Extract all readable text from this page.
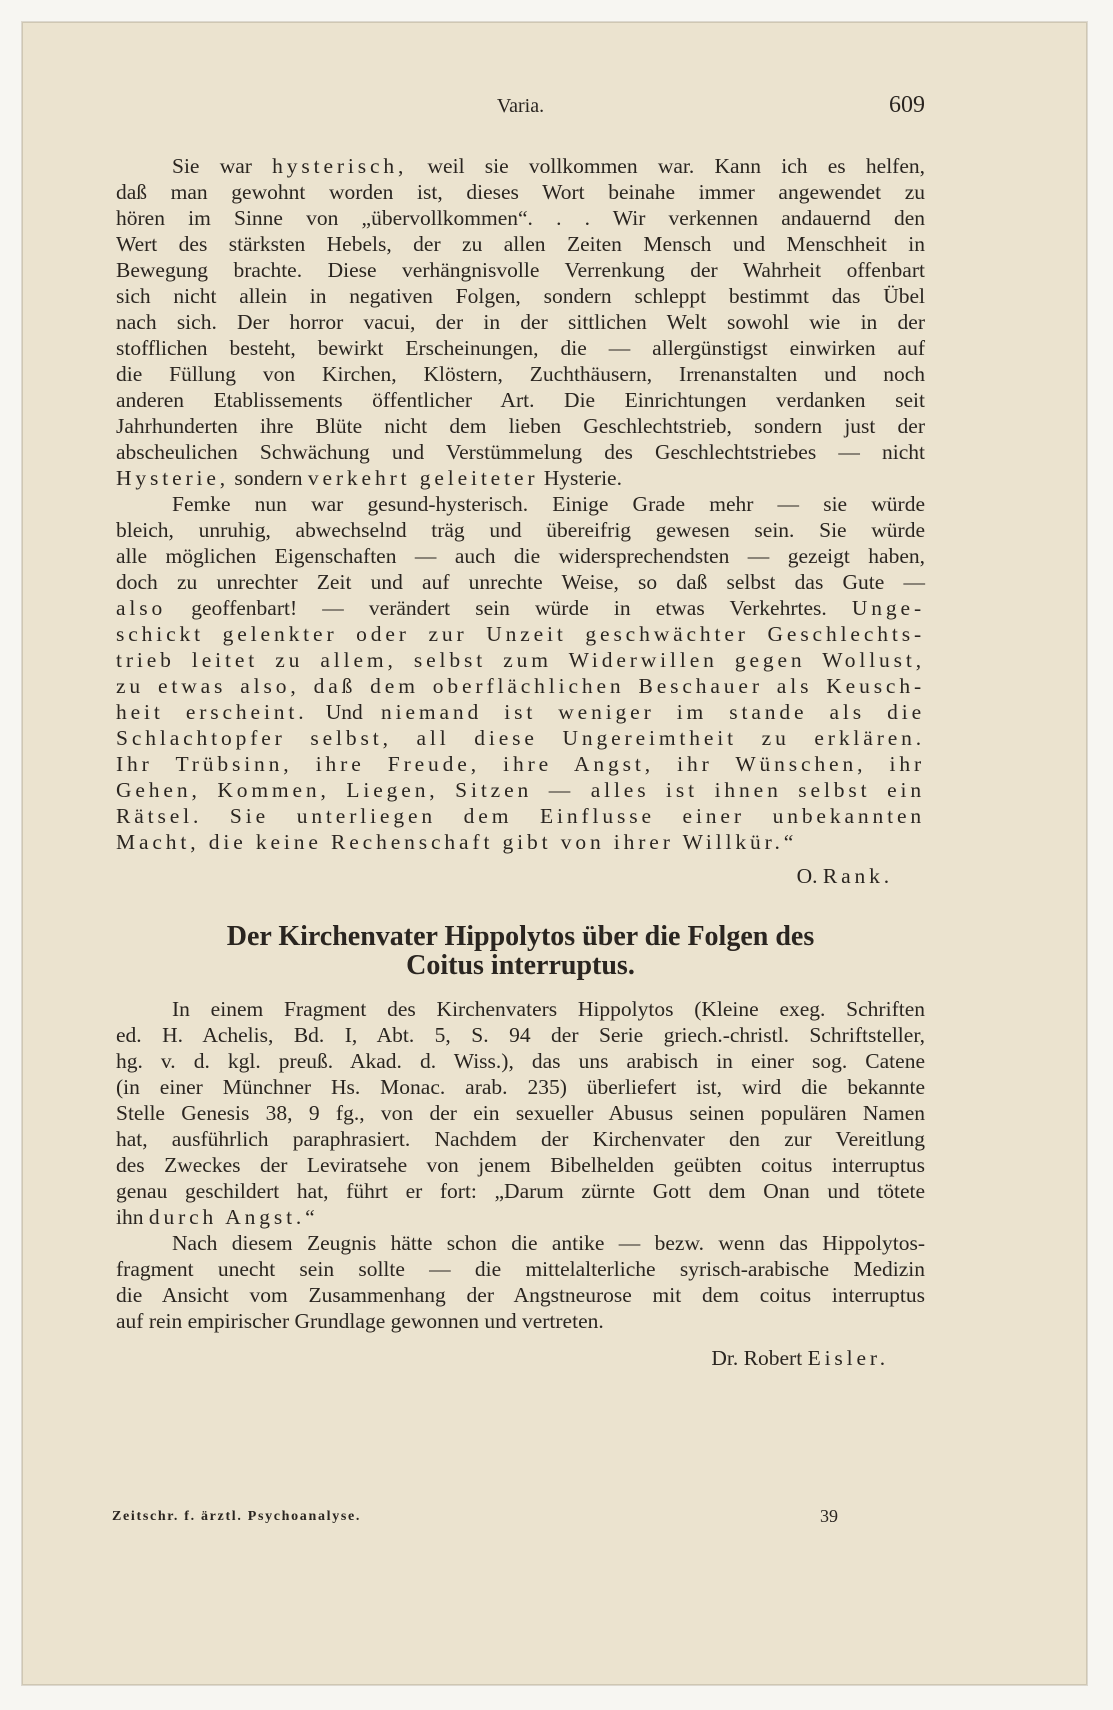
Varia.	609
Sie war hysterisch, weil sie vollkommen war. Kann ich es helfen,
daß man gewohnt worden ist, dieses Wort beinahe immer angewendet zu
hören im Sinne von „übervollkommen“. . . Wir verkennen andauernd den
Wert des stärksten Hebels, der zu allen Zeiten Mensch und Menschheit in
Bewegung brachte. Diese verhängnisvolle Verrenkung der Wahrheit offenbart
sich nicht allein in negativen Folgen, sondern schleppt bestimmt das Übel
nach sich. Der horror vacui, der in der sittlichen Welt sowohl wie in der
stofflichen besteht, bewirkt Erscheinungen, die — allergünstigst einwirken auf
die Füllung von Kirchen, Klöstern, Zuchthäusern, Irrenanstalten und noch
anderen Etablissements öffentlicher Art. Die Einrichtungen verdanken seit
Jahrhunderten ihre Blüte nicht dem lieben Geschlechtstrieb, sondern just der
abscheulichen Schwächung und Verstümmelung des Geschlechtstriebes — nicht
Hysterie, sondern verkehrt geleiteter Hysterie.
Femke nun war gesund-hysterisch. Einige Grade mehr — sie würde
bleich, unruhig, abwechselnd träg und übereifrig gewesen sein. Sie würde
alle möglichen Eigenschaften — auch die widersprechendsten — gezeigt haben,
doch zu unrechter Zeit und auf unrechte Weise, so daß selbst das Gute —
also geoffenbart! — verändert sein würde in etwas Verkehrtes. Unge-
schickt gelenkter oder zur Unzeit geschwächter Geschlechts-
trieb leitet zu allem, selbst zum Widerwillen gegen Wollust,
zu etwas also, daß dem oberflächlichen Beschauer als Keusch-
heit erscheint. Und niemand ist weniger im stande als die
Schlachtopfer selbst, all diese Ungereimtheit zu erklären.
Ihr Trübsinn, ihre Freude, ihre Angst, ihr Wünschen, ihr
Gehen, Kommen, Liegen, Sitzen — alles ist ihnen selbst ein
Rätsel. Sie unterliegen dem Einflusse einer unbekannten
Macht, die keine Rechenschaft gibt von ihrer Willkür.“
O. Rank.
Der Kirchenvater Hippolytos über die Folgen des
Coitus interruptus.
In einem Fragment des Kirchenvaters Hippolytos (Kleine exeg. Schriften
ed. H. Achelis, Bd. I, Abt. 5, S. 94 der Serie griech.-christl. Schriftsteller,
hg. v. d. kgl. preuß. Akad. d. Wiss.), das uns arabisch in einer sog. Catene
(in einer Münchner Hs. Monac. arab. 235) überliefert ist, wird die bekannte
Stelle Genesis 38, 9 fg., von der ein sexueller Abusus seinen populären Namen
hat, ausführlich paraphrasiert. Nachdem der Kirchenvater den zur Vereitlung
des Zweckes der Leviratsehe von jenem Bibelhelden geübten coitus interruptus
genau geschildert hat, führt er fort: „Darum zürnte Gott dem Onan und tötete
ihn durch Angst.“
Nach diesem Zeugnis hätte schon die antike — bezw. wenn das Hippolytos-
fragment unecht sein sollte — die mittelalterliche syrisch-arabische Medizin
die Ansicht vom Zusammenhang der Angstneurose mit dem coitus interruptus
auf rein empirischer Grundlage gewonnen und vertreten.
Dr. Robert Eisler.
Zeitschr. f. ärztl. Psychoanalyse.	39
